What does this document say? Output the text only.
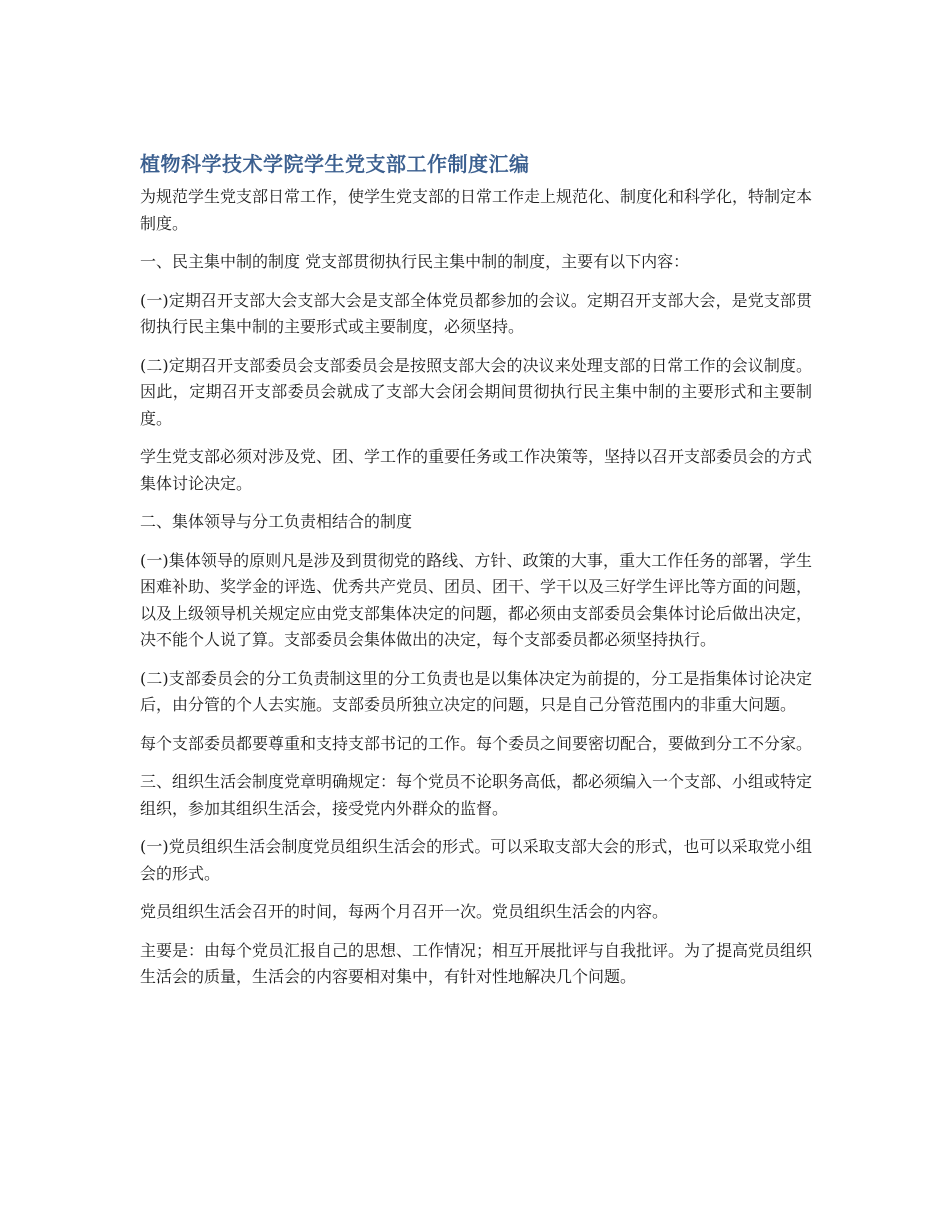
植物科学技术学院学生党支部工作制度汇编

为规范学生党支部日常工作，使学生党支部的日常工作走上规范化、制度化和科学化，特制定本制度。

一、民主集中制的制度 党支部贯彻执行民主集中制的制度，主要有以下内容：

(一)定期召开支部大会支部大会是支部全体党员都参加的会议。定期召开支部大会，是党支部贯彻执行民主集中制的主要形式或主要制度，必须坚持。

(二)定期召开支部委员会支部委员会是按照支部大会的决议来处理支部的日常工作的会议制度。因此，定期召开支部委员会就成了支部大会闭会期间贯彻执行民主集中制的主要形式和主要制度。

学生党支部必须对涉及党、团、学工作的重要任务或工作决策等，坚持以召开支部委员会的方式集体讨论决定。

二、集体领导与分工负责相结合的制度

(一)集体领导的原则凡是涉及到贯彻党的路线、方针、政策的大事，重大工作任务的部署，学生困难补助、奖学金的评选、优秀共产党员、团员、团干、学干以及三好学生评比等方面的问题，以及上级领导机关规定应由党支部集体决定的问题，都必须由支部委员会集体讨论后做出决定，决不能个人说了算。支部委员会集体做出的决定，每个支部委员都必须坚持执行。

(二)支部委员会的分工负责制这里的分工负责也是以集体决定为前提的，分工是指集体讨论决定后，由分管的个人去实施。支部委员所独立决定的问题，只是自己分管范围内的非重大问题。

每个支部委员都要尊重和支持支部书记的工作。每个委员之间要密切配合，要做到分工不分家。

三、组织生活会制度党章明确规定：每个党员不论职务高低，都必须编入一个支部、小组或特定组织，参加其组织生活会，接受党内外群众的监督。

(一)党员组织生活会制度党员组织生活会的形式。可以采取支部大会的形式，也可以采取党小组会的形式。

党员组织生活会召开的时间，每两个月召开一次。党员组织生活会的内容。

主要是：由每个党员汇报自己的思想、工作情况；相互开展批评与自我批评。为了提高党员组织生活会的质量，生活会的内容要相对集中，有针对性地解决几个问题。
